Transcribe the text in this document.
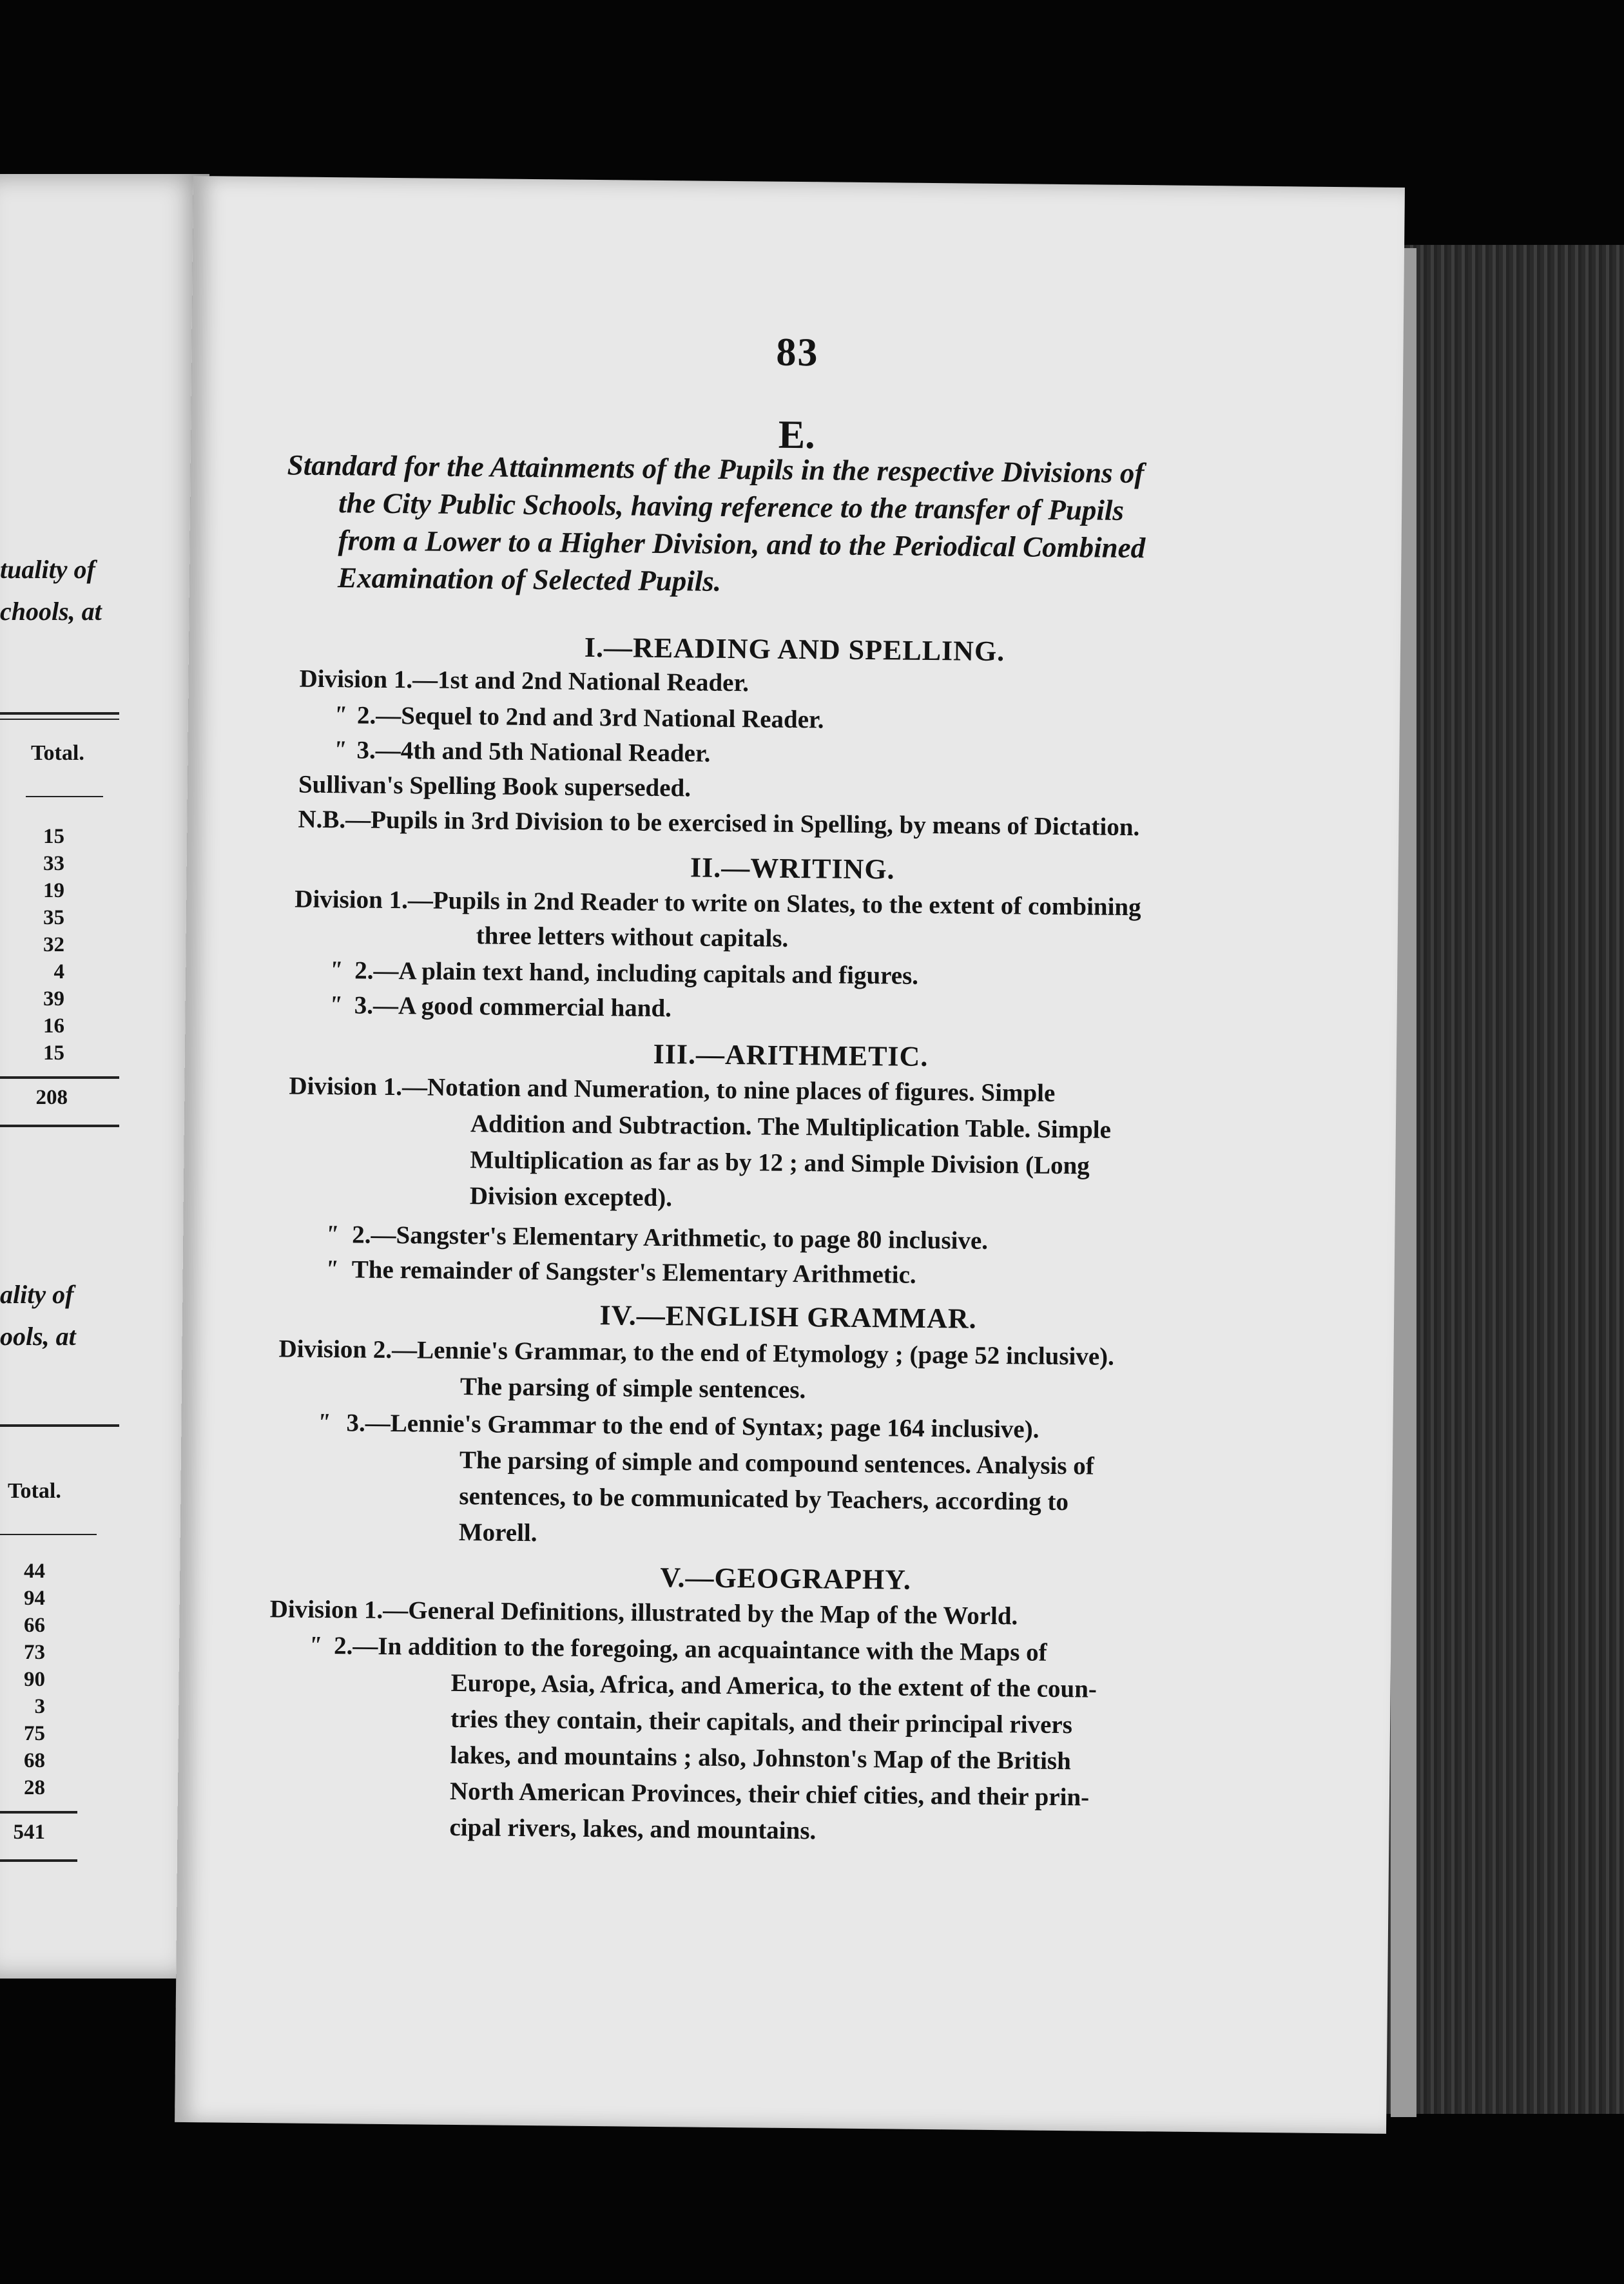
tuality of
chools, at
Total.
15
33
19
35
32
4
39
16
15
208
ality of
ools, at
Total.
44
94
66
73
90
3
75
68
28
541
83
E.
Standard for the Attainments of the Pupils in the respective Divisions of
the City Public Schools, having reference to the transfer of Pupils
from a Lower to a Higher Division, and to the Periodical Combined
Examination of Selected Pupils.
I.—READING AND SPELLING.
Division 1.—1st and 2nd National Reader.
" 2.—Sequel to 2nd and 3rd National Reader.
" 3.—4th and 5th National Reader.
Sullivan's Spelling Book superseded.
N.B.—Pupils in 3rd Division to be exercised in Spelling, by means of Dictation.
II.—WRITING.
Division 1.—Pupils in 2nd Reader to write on Slates, to the extent of combining
three letters without capitals.
" 2.—A plain text hand, including capitals and figures.
" 3.—A good commercial hand.
III.—ARITHMETIC.
Division 1.—Notation and Numeration, to nine places of figures. Simple
Addition and Subtraction. The Multiplication Table. Simple
Multiplication as far as by 12 ; and Simple Division (Long
Division excepted).
" 2.—Sangster's Elementary Arithmetic, to page 80 inclusive.
" The remainder of Sangster's Elementary Arithmetic.
IV.—ENGLISH GRAMMAR.
Division 2.—Lennie's Grammar, to the end of Etymology ; (page 52 inclusive).
The parsing of simple sentences.
" 3.—Lennie's Grammar to the end of Syntax; page 164 inclusive).
The parsing of simple and compound sentences. Analysis of
sentences, to be communicated by Teachers, according to
Morell.
V.—GEOGRAPHY.
Division 1.—General Definitions, illustrated by the Map of the World.
" 2.—In addition to the foregoing, an acquaintance with the Maps of
Europe, Asia, Africa, and America, to the extent of the coun-
tries they contain, their capitals, and their principal rivers
lakes, and mountains ; also, Johnston's Map of the British
North American Provinces, their chief cities, and their prin-
cipal rivers, lakes, and mountains.
